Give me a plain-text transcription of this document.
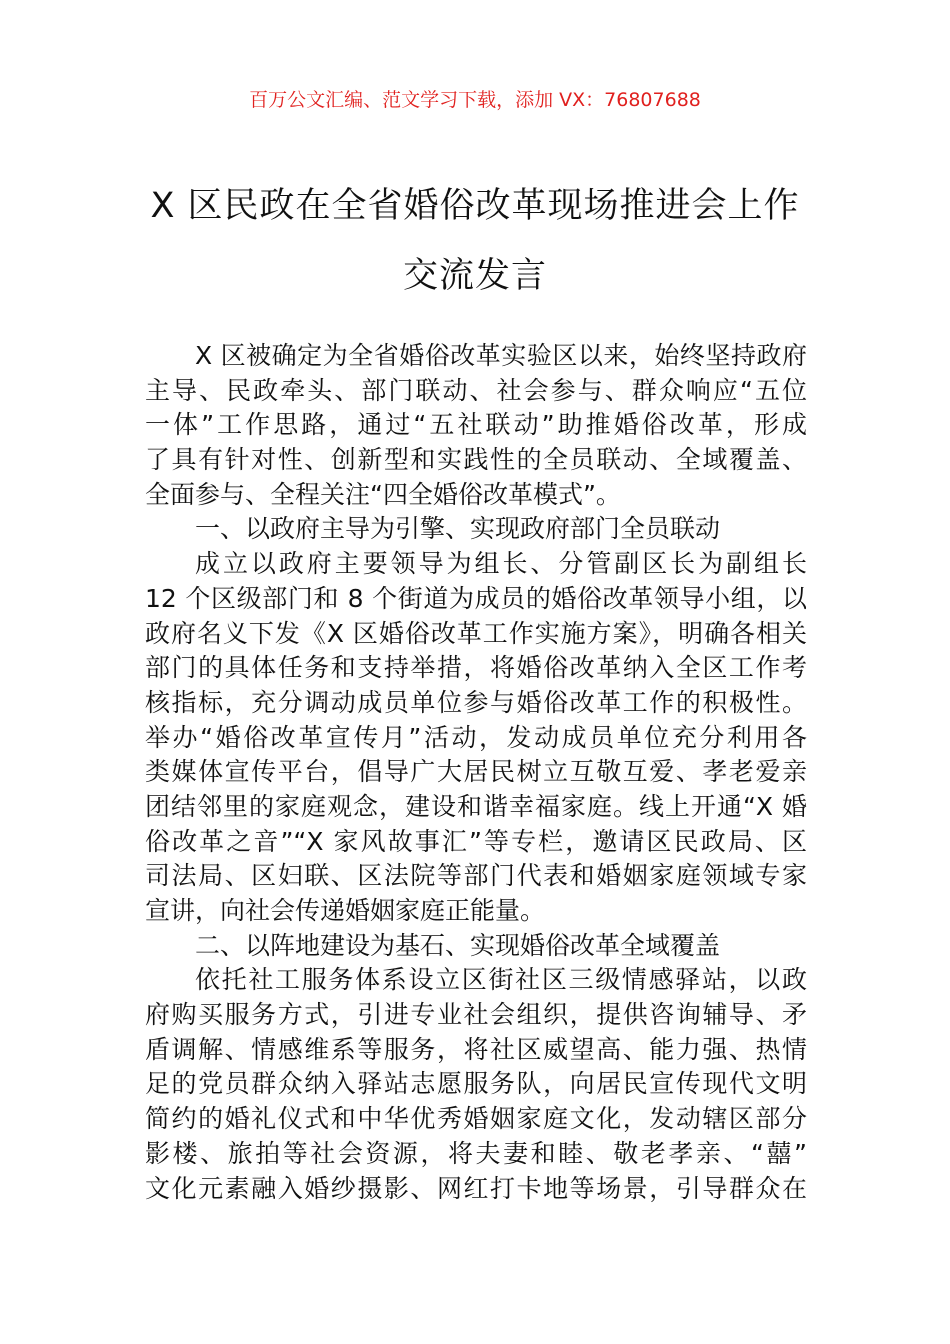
百万公文汇编、范文学习下载，添加 VX：76807688
X 区民政在全省婚俗改革现场推进会上作
交流发言
X 区被确定为全省婚俗改革实验区以来，始终坚持政府
主导、民政牵头、部门联动、社会参与、群众响应“五位
一体”工作思路，通过“五社联动”助推婚俗改革，形成
了具有针对性、创新型和实践性的全员联动、全域覆盖、
全面参与、全程关注“四全婚俗改革模式”。
一、以政府主导为引擎、实现政府部门全员联动
成立以政府主要领导为组长、分管副区长为副组长
12 个区级部门和 8 个街道为成员的婚俗改革领导小组，以
政府名义下发《X 区婚俗改革工作实施方案》，明确各相关
部门的具体任务和支持举措，将婚俗改革纳入全区工作考
核指标，充分调动成员单位参与婚俗改革工作的积极性。
举办“婚俗改革宣传月”活动，发动成员单位充分利用各
类媒体宣传平台，倡导广大居民树立互敬互爱、孝老爱亲
团结邻里的家庭观念，建设和谐幸福家庭。线上开通“X 婚
俗改革之音”“X 家风故事汇”等专栏，邀请区民政局、区
司法局、区妇联、区法院等部门代表和婚姻家庭领域专家
宣讲，向社会传递婚姻家庭正能量。
二、以阵地建设为基石、实现婚俗改革全域覆盖
依托社工服务体系设立区街社区三级情感驿站，以政
府购买服务方式，引进专业社会组织，提供咨询辅导、矛
盾调解、情感维系等服务，将社区威望高、能力强、热情
足的党员群众纳入驿站志愿服务队，向居民宣传现代文明
简约的婚礼仪式和中华优秀婚姻家庭文化，发动辖区部分
影楼、旅拍等社会资源，将夫妻和睦、敬老孝亲、“囍”
文化元素融入婚纱摄影、网红打卡地等场景，引导群众在
